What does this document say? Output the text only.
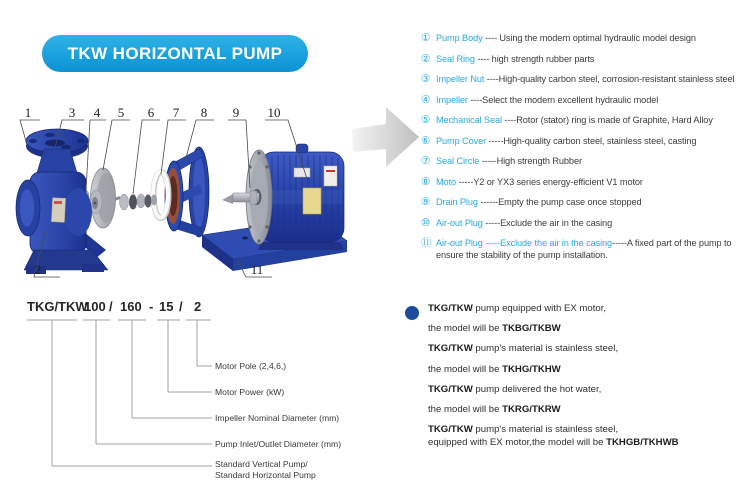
TKW HORIZONTAL PUMP
1	3 4 5 6 7 8 9 10
2	11
① Pump Body ---- Using the modern optimal hydraulic model design
② Seal Ring ---- high strength rubber parts
③ Impeller Nut ----High-quality carbon steel, corrosion-resistant stainless steel
④ Impeller ----Select the modern excellent hydraulic model
⑤ Mechanical Seal ----Rotor (stator) ring is made of Graphite, Hard Alloy
⑥ Pump Cover -----High-quality carbon steel, stainless steel, casting
⑦ Seal Circle -----High strength Rubber
⑧ Moto -----Y2 or YX3 series energy-efficient V1 motor
⑨ Drain Plug ------Empty the pump case once stopped
⑩ Air-out Plug -----Exclude the air in the casing
⑪ Air-out Plug -----Exclude the air in the casing-----A fixed part of the pump to ensure the stability of the pump installation.
TKG/TKW
100 / 160 - 15 / 2
Motor Pole (2,4,6,)
Motor Power (kW)
Impeller Nominal Diameter (mm)
Pump Inlet/Outlet Diameter (mm)
Standard Vertical Pump/
Standard Horizontal Pump
TKG/TKW pump equipped with EX motor,
the model will be TKBG/TKBW
TKG/TKW pump's material is stainless steel,
the model will be TKHG/TKHW
TKG/TKW pump delivered the hot water,
the model will be TKRG/TKRW
TKG/TKW pump's material is stainless steel,
equipped with EX motor,the model will be TKHGB/TKHWB
